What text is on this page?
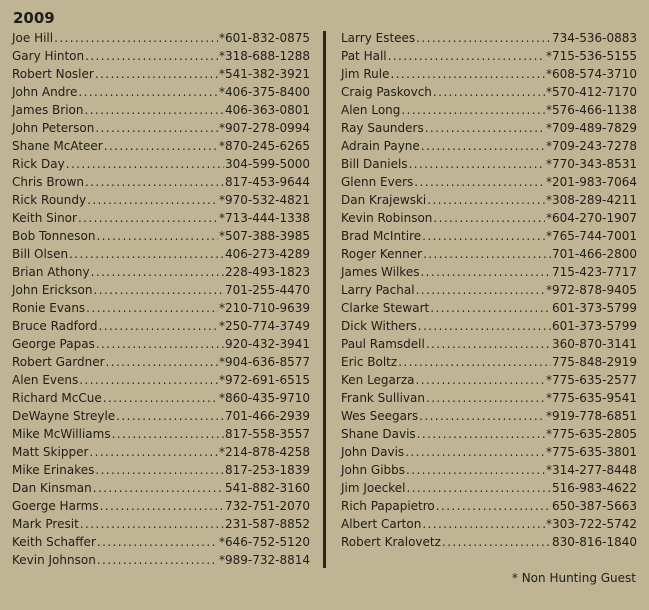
2009
Joe Hill .....	*601-832-0875
Gary Hinton .....	*318-688-1288
Robert Nosler .....	*541-382-3921
John Andre .....	*406-375-8400
James Brion .....	406-363-0801
John Peterson .....	*907-278-0994
Shane McAteer .....	*870-245-6265
Rick Day .....	304-599-5000
Chris Brown .....	817-453-9644
Rick Roundy .....	*970-532-4821
Keith Sinor .....	*713-444-1338
Bob Tonneson .....	*507-388-3985
Bill Olsen .....	406-273-4289
Brian Athony .....	228-493-1823
John Erickson .....	701-255-4470
Ronie Evans .....	*210-710-9639
Bruce Radford .....	*250-774-3749
George Papas .....	920-432-3941
Robert Gardner .....	*904-636-8577
Alen Evens .....	*972-691-6515
Richard McCue .....	*860-435-9710
DeWayne Streyle .....	701-466-2939
Mike McWilliams .....	817-558-3557
Matt Skipper .....	*214-878-4258
Mike Erinakes .....	817-253-1839
Dan Kinsman .....	541-882-3160
Goerge Harms .....	732-751-2070
Mark Presit .....	231-587-8852
Keith Schaffer .....	*646-752-5120
Kevin Johnson .....	*989-732-8814
Larry Estees .....	734-536-0883
Pat Hall .....	*715-536-5155
Jim Rule .....	*608-574-3710
Craig Paskovch .....	*570-412-7170
Alen Long .....	*576-466-1138
Ray Saunders .....	*709-489-7829
Adrain Payne .....	*709-243-7278
Bill Daniels .....	*770-343-8531
Glenn Evers .....	*201-983-7064
Dan Krajewski .....	*308-289-4211
Kevin Robinson .....	*604-270-1907
Brad McIntire .....	*765-744-7001
Roger Kenner .....	701-466-2800
James Wilkes .....	715-423-7717
Larry Pachal .....	*972-878-9405
Clarke Stewart .....	601-373-5799
Dick Withers .....	601-373-5799
Paul Ramsdell .....	360-870-3141
Eric Boltz .....	775-848-2919
Ken Legarza .....	*775-635-2577
Frank Sullivan .....	*775-635-9541
Wes Seegars .....	*919-778-6851
Shane Davis .....	*775-635-2805
John Davis .....	*775-635-3801
John Gibbs .....	*314-277-8448
Jim Joeckel .....	516-983-4622
Rich Papapietro .....	650-387-5663
Albert Carton .....	*303-722-5742
Robert Kralovetz .....	830-816-1840

* Non Hunting Guest
